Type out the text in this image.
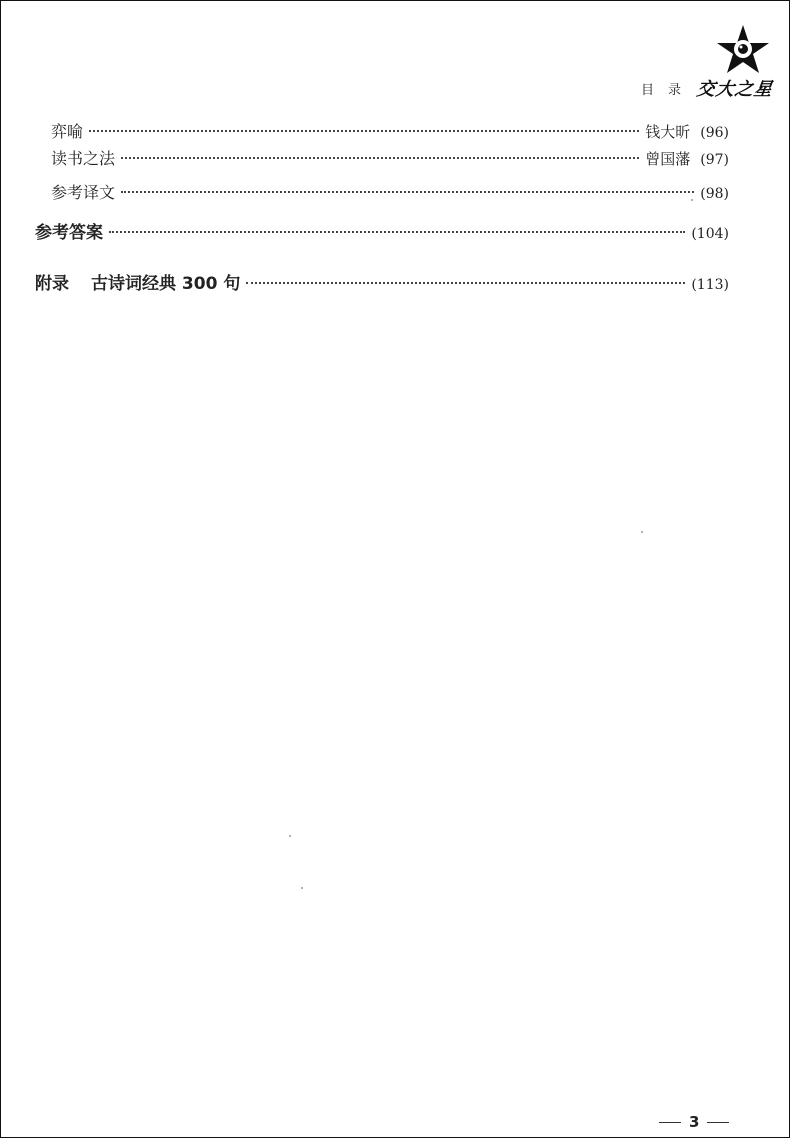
目录 交大之星
弈喻	钱大昕 (96)
读书之法	曾国藩 (97)
参考译文	(98)
参考答案	(104)
附录 古诗词经典 300 句	(113)
3
